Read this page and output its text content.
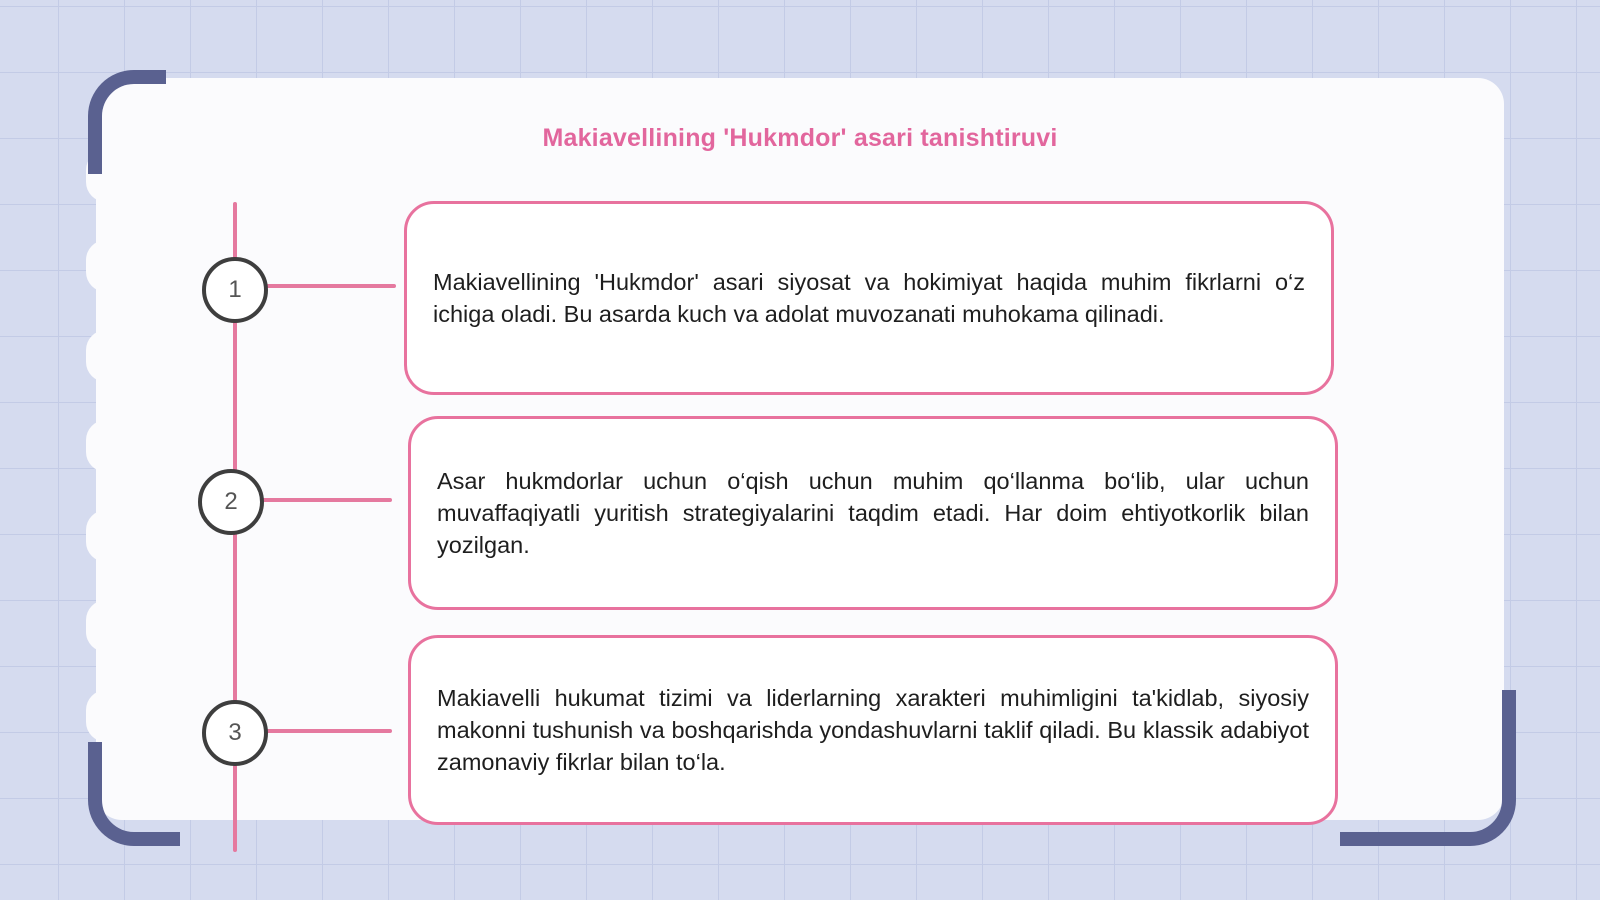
Makiavellining 'Hukmdor' asari tanishtiruvi
1
2
3
Makiavellining 'Hukmdor' asari siyosat va hokimiyat haqida muhim fikrlarni o‘z ichiga oladi. Bu asarda kuch va adolat muvozanati muhokama qilinadi.
Asar hukmdorlar uchun o‘qish uchun muhim qo‘llanma bo‘lib, ular uchun muvaffaqiyatli yuritish strategiyalarini taqdim etadi. Har doim ehtiyotkorlik bilan yozilgan.
Makiavelli hukumat tizimi va liderlarning xarakteri muhimligini ta'kidlab, siyosiy makonni tushunish va boshqarishda yondashuvlarni taklif qiladi. Bu klassik adabiyot zamonaviy fikrlar bilan to‘la.
